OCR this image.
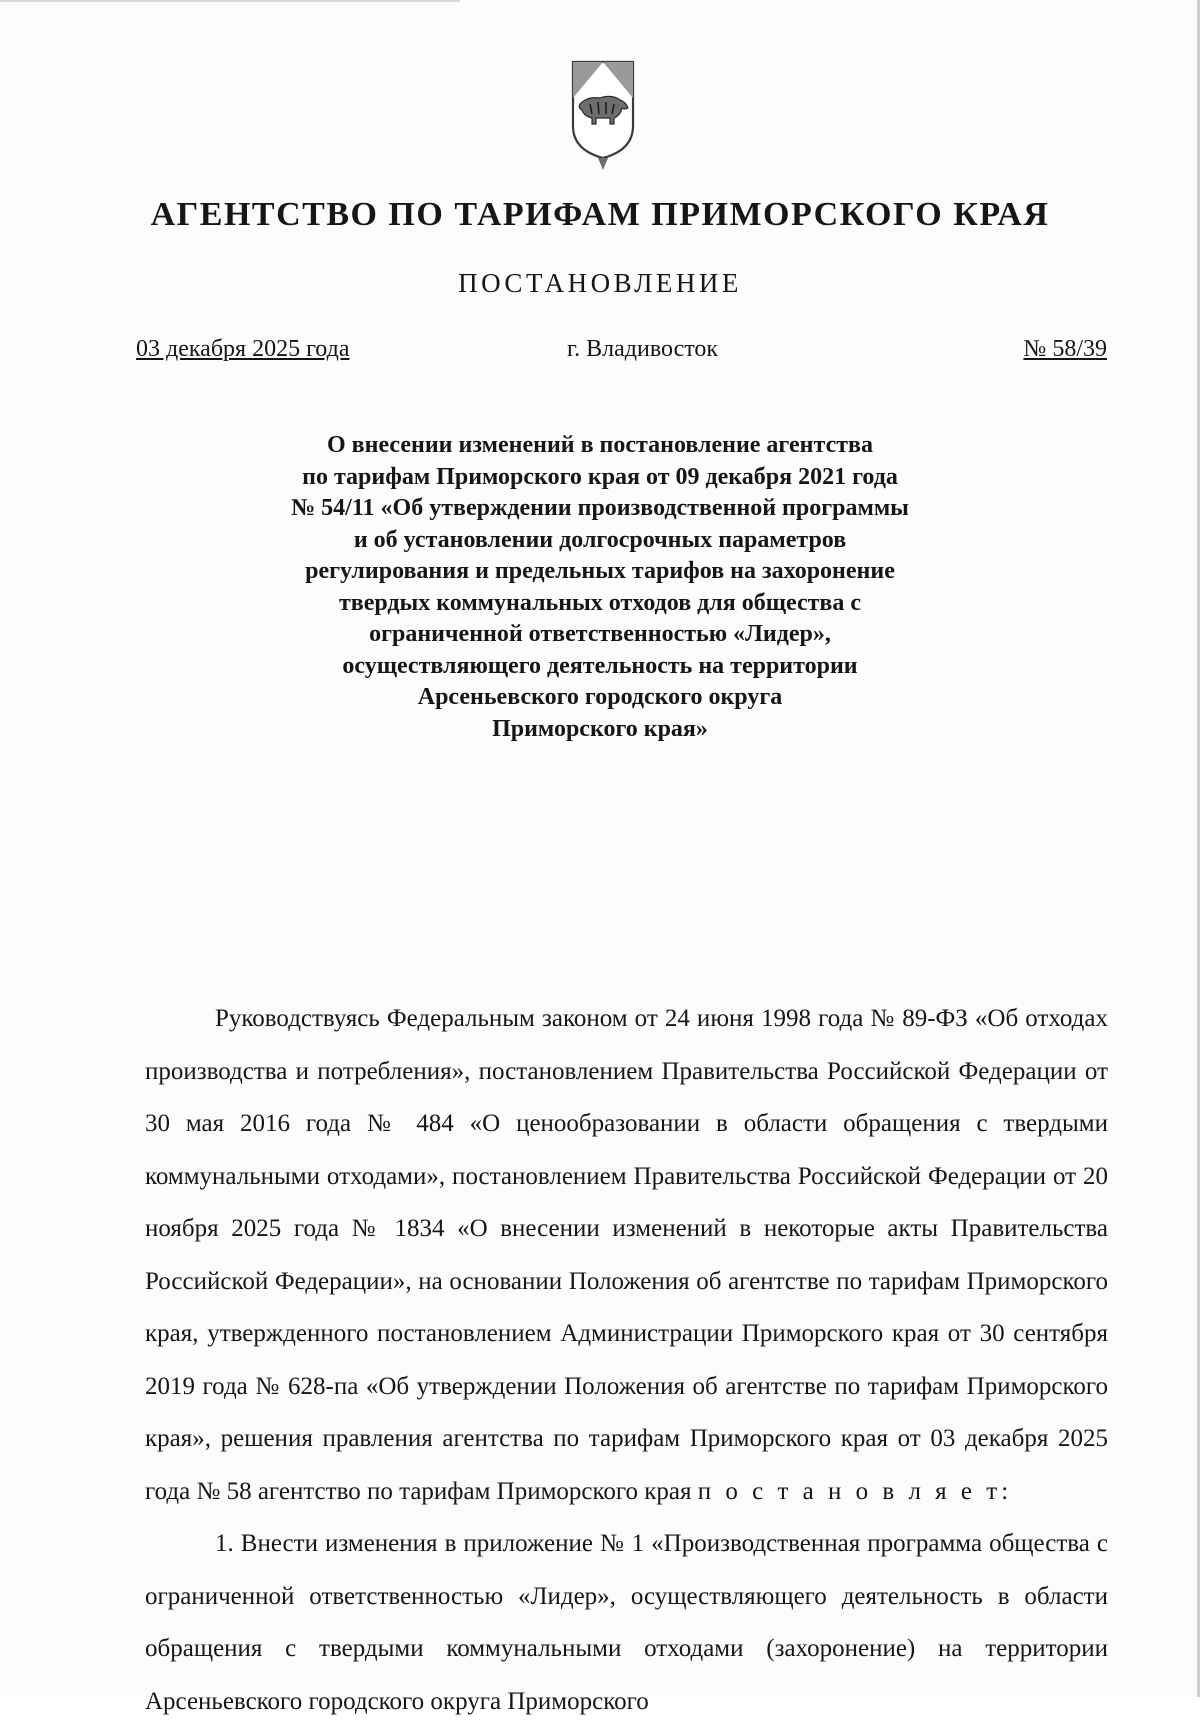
АГЕНТСТВО ПО ТАРИФАМ ПРИМОРСКОГО КРАЯ
ПОСТАНОВЛЕНИЕ
03 декабря 2025 года	г. Владивосток	№ 58/39
О внесении изменений в постановление агентства
по тарифам Приморского края от 09 декабря 2021 года
№ 54/11 «Об утверждении производственной программы
и об установлении долгосрочных параметров
регулирования и предельных тарифов на захоронение
твердых коммунальных отходов для общества с
ограниченной ответственностью «Лидер»,
осуществляющего деятельность на территории
Арсеньевского городского округа
Приморского края»

Руководствуясь Федеральным законом от 24 июня 1998 года № 89-ФЗ «Об отходах производства и потребления», постановлением Правительства Российской Федерации от 30 мая 2016 года № 484 «О ценообразовании в области обращения с твердыми коммунальными отходами», постановлением Правительства Российской Федерации от 20 ноября 2025 года № 1834 «О внесении изменений в некоторые акты Правительства Российской Федерации», на основании Положения об агентстве по тарифам Приморского края, утвержденного постановлением Администрации Приморского края от 30 сентября 2019 года № 628-па «Об утверждении Положения об агентстве по тарифам Приморского края», решения правления агентства по тарифам Приморского края от 03 декабря 2025 года № 58 агентство по тарифам Приморского края п о с т а н о в л я е т:

1. Внести изменения в приложение № 1 «Производственная программа общества с ограниченной ответственностью «Лидер», осуществляющего деятельность в области обращения с твердыми коммунальными отходами (захоронение) на территории Арсеньевского городского округа Приморского
